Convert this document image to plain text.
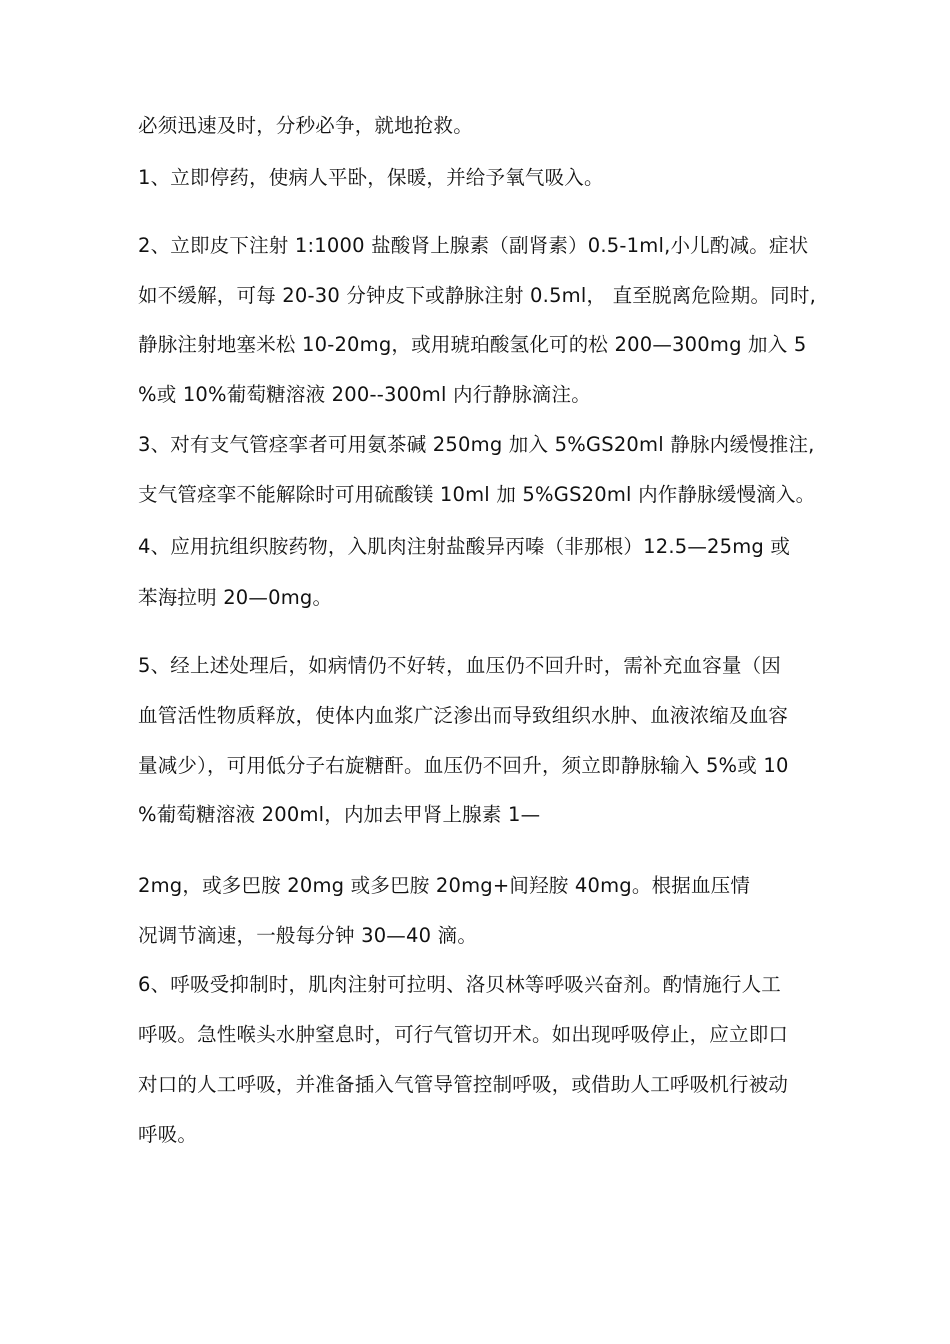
必须迅速及时，分秒必争，就地抢救。
1、立即停药，使病人平卧，保暖，并给予氧气吸入。
2、立即皮下注射 1:1000 盐酸肾上腺素（副肾素）0.5-1ml,小儿酌减。症状
如不缓解，可每 20-30 分钟皮下或静脉注射 0.5ml， 直至脱离危险期。同时,
静脉注射地塞米松 10-20mg，或用琥珀酸氢化可的松 200—300mg 加入 5
%或 10%葡萄糖溶液 200--300ml 内行静脉滴注。
3、对有支气管痉挛者可用氨茶碱 250mg 加入 5%GS20ml 静脉内缓慢推注,
支气管痉挛不能解除时可用硫酸镁 10ml 加 5%GS20ml 内作静脉缓慢滴入。
4、应用抗组织胺药物，入肌肉注射盐酸异丙嗪（非那根）12.5—25mg 或
苯海拉明 20—0mg。
5、经上述处理后，如病情仍不好转，血压仍不回升时，需补充血容量（因
血管活性物质释放，使体内血浆广泛渗出而导致组织水肿、血液浓缩及血容
量减少），可用低分子右旋糖酐。血压仍不回升，须立即静脉输入 5%或 10
%葡萄糖溶液 200ml，内加去甲肾上腺素 1—
2mg，或多巴胺 20mg 或多巴胺 20mg+间羟胺 40mg。根据血压情
况调节滴速，一般每分钟 30—40 滴。
6、呼吸受抑制时，肌肉注射可拉明、洛贝林等呼吸兴奋剂。酌情施行人工
呼吸。急性喉头水肿窒息时，可行气管切开术。如出现呼吸停止，应立即口
对口的人工呼吸，并准备插入气管导管控制呼吸，或借助人工呼吸机行被动
呼吸。
